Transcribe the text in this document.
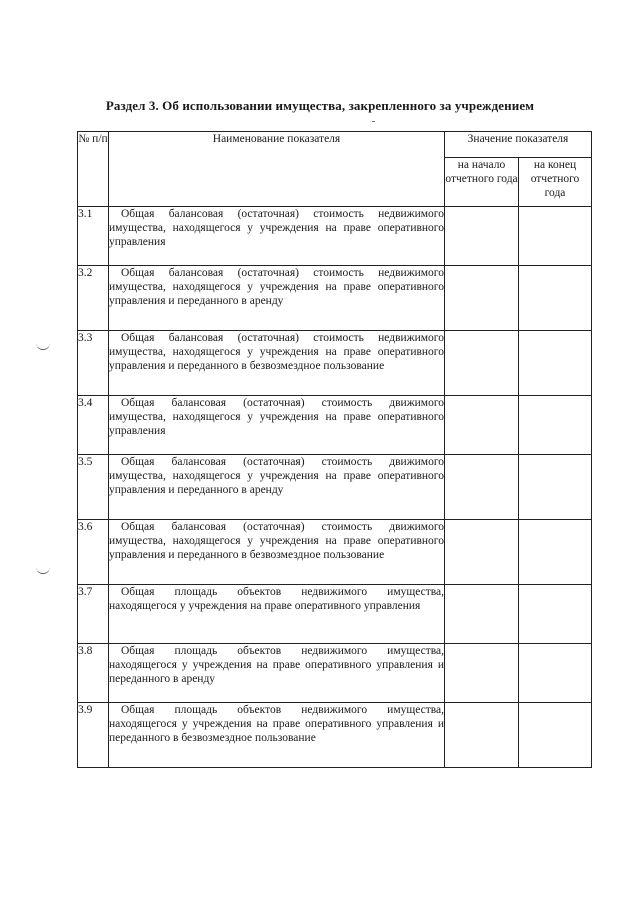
Раздел 3. Об использовании имущества, закрепленного за учреждением
№ п/п	Наименование показателя	Значение показателя	
		на начало отчетного года	на конец отчетного года
3.1	Общая балансовая (остаточная) стоимость недвижимого имущества, находящегося у учреждения на праве оперативного управления		

3.2	Общая балансовая (остаточная) стоимость недвижимого имущества, находящегося у учреждения на праве оперативного управления и переданного в аренду		

3.3	Общая балансовая (остаточная) стоимость недвижимого имущества, находящегося у учреждения на праве оперативного управления и переданного в безвозмездное пользование		

3.4	Общая балансовая (остаточная) стоимость движимого имущества, находящегося у учреждения на праве оперативного управления		

3.5	Общая балансовая (остаточная) стоимость движимого имущества, находящегося у учреждения на праве оперативного управления и переданного в аренду		

3.6	Общая балансовая (остаточная) стоимость движимого имущества, находящегося у учреждения на праве оперативного управления и переданного в безвозмездное пользование		

3.7	Общая площадь объектов недвижимого имущества, находящегося у учреждения на праве оперативного управления		

3.8	Общая площадь объектов недвижимого имущества, находящегося у учреждения на праве оперативного управления и переданного в аренду		

3.9	Общая площадь объектов недвижимого имущества, находящегося у учреждения на праве оперативного управления и переданного в безвозмездное пользование		
